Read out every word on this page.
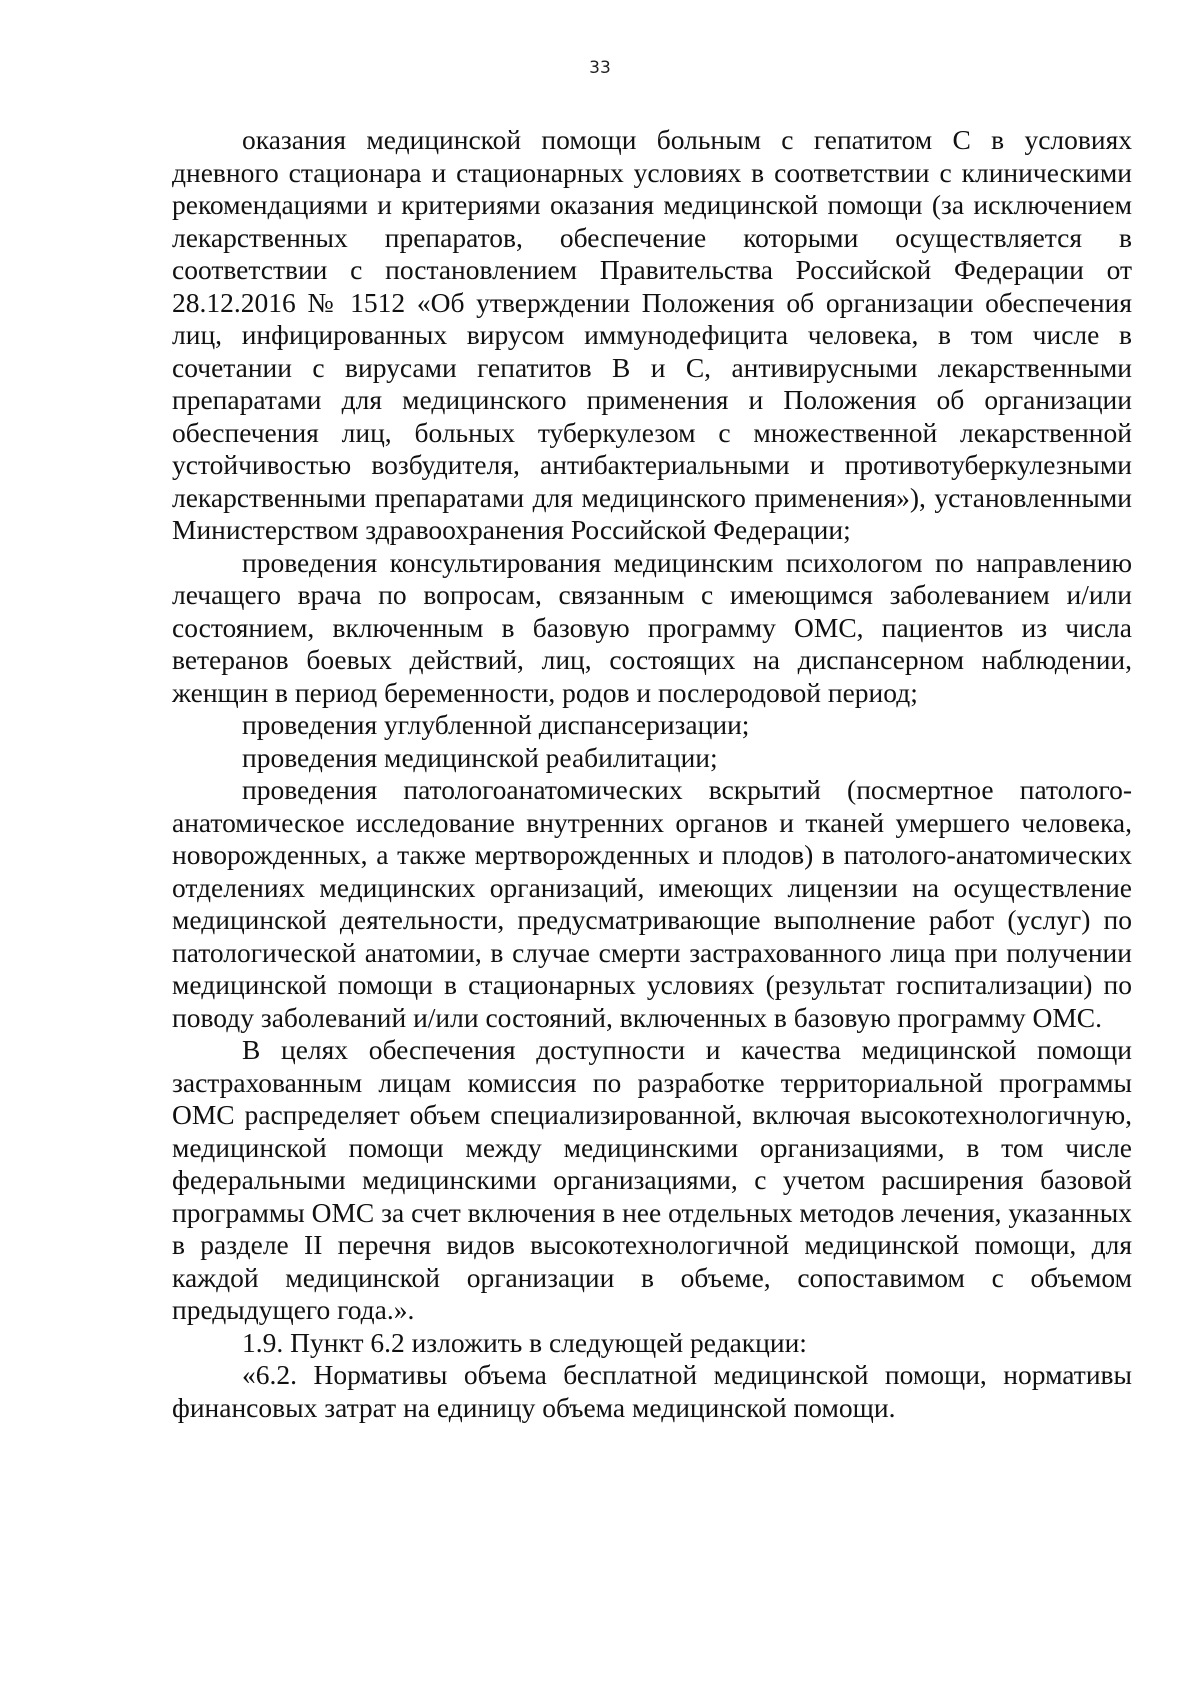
33

оказания медицинской помощи больным с гепатитом С в условиях дневного стационара и стационарных условиях в соответствии с клиническими рекомендациями и критериями оказания медицинской помощи (за исключением лекарственных препаратов, обеспечение которыми осуществляется в соответствии с постановлением Правительства Российской Федерации от 28.12.2016 № 1512 «Об утверждении Положения об организации обеспечения лиц, инфицированных вирусом иммунодефицита человека, в том числе в сочетании с вирусами гепатитов В и С, антивирусными лекарственными препаратами для медицинского применения и Положения об организации обеспечения лиц, больных туберкулезом с множественной лекарственной устойчивостью возбудителя, антибактериальными и противотуберкулезными лекарственными препаратами для медицинского применения»), установленными Министерством здравоохранения Российской Федерации;

проведения консультирования медицинским психологом по направлению лечащего врача по вопросам, связанным с имеющимся заболеванием и/или состоянием, включенным в базовую программу ОМС, пациентов из числа ветеранов боевых действий, лиц, состоящих на диспансерном наблюдении, женщин в период беременности, родов и послеродовой период;

проведения углубленной диспансеризации;

проведения медицинской реабилитации;

проведения патологоанатомических вскрытий (посмертное патолого-анатомическое исследование внутренних органов и тканей умершего человека, новорожденных, а также мертворожденных и плодов) в патолого-анатомических отделениях медицинских организаций, имеющих лицензии на осуществление медицинской деятельности, предусматривающие выполнение работ (услуг) по патологической анатомии, в случае смерти застрахованного лица при получении медицинской помощи в стационарных условиях (результат госпитализации) по поводу заболеваний и/или состояний, включенных в базовую программу ОМС.

В целях обеспечения доступности и качества медицинской помощи застрахованным лицам комиссия по разработке территориальной программы ОМС распределяет объем специализированной, включая высокотехнологичную, медицинской помощи между медицинскими организациями, в том числе федеральными медицинскими организациями, с учетом расширения базовой программы ОМС за счет включения в нее отдельных методов лечения, указанных в разделе II перечня видов высокотехнологичной медицинской помощи, для каждой медицинской организации в объеме, сопоставимом с объемом предыдущего года.».

1.9. Пункт 6.2 изложить в следующей редакции:

«6.2. Нормативы объема бесплатной медицинской помощи, нормативы финансовых затрат на единицу объема медицинской помощи.
